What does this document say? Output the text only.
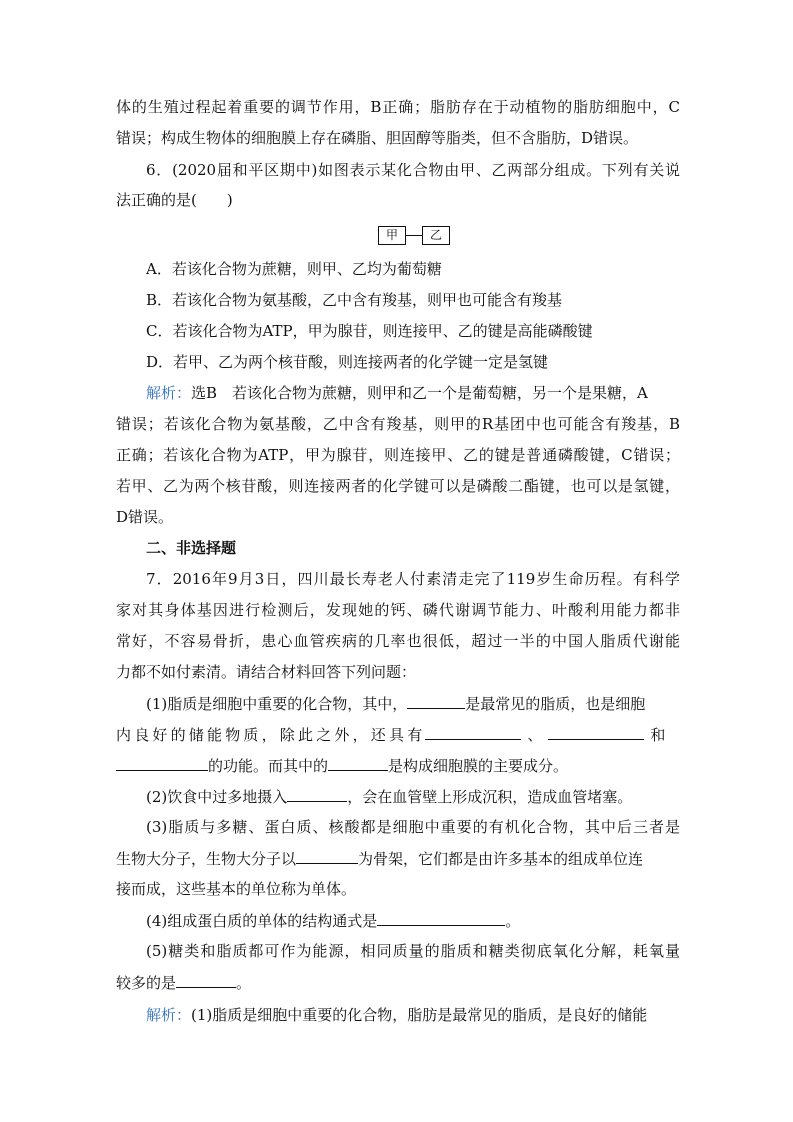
体的生殖过程起着重要的调节作用，B正确；脂肪存在于动植物的脂肪细胞中，C
错误；构成生物体的细胞膜上存在磷脂、胆固醇等脂类，但不含脂肪，D错误。
6．(2020届和平区期中)如图表示某化合物由甲、乙两部分组成。下列有关说
法正确的是(　　)
甲	乙
A．若该化合物为蔗糖，则甲、乙均为葡萄糖
B．若该化合物为氨基酸，乙中含有羧基，则甲也可能含有羧基
C．若该化合物为ATP，甲为腺苷，则连接甲、乙的键是高能磷酸键
D．若甲、乙为两个核苷酸，则连接两者的化学键一定是氢键
解析：选B　若该化合物为蔗糖，则甲和乙一个是葡萄糖，另一个是果糖，A
错误；若该化合物为氨基酸，乙中含有羧基，则甲的R基团中也可能含有羧基，B
正确；若该化合物为ATP，甲为腺苷，则连接甲、乙的键是普通磷酸键，C错误；
若甲、乙为两个核苷酸，则连接两者的化学键可以是磷酸二酯键，也可以是氢键，
D错误。
二、非选择题
7．2016年9月3日，四川最长寿老人付素清走完了119岁生命历程。有科学
家对其身体基因进行检测后，发现她的钙、磷代谢调节能力、叶酸利用能力都非
常好，不容易骨折，患心血管疾病的几率也很低，超过一半的中国人脂质代谢能
力都不如付素清。请结合材料回答下列问题：
(1)脂质是细胞中重要的化合物，其中，	是最常见的脂质，也是细胞
内良好的储能物质，除此之外，还具有	、	和
的功能。而其中的	是构成细胞膜的主要成分。
(2)饮食中过多地摄入	，会在血管壁上形成沉积，造成血管堵塞。
(3)脂质与多糖、蛋白质、核酸都是细胞中重要的有机化合物，其中后三者是
生物大分子，生物大分子以	为骨架，它们都是由许多基本的组成单位连
接而成，这些基本的单位称为单体。
(4)组成蛋白质的单体的结构通式是	。
(5)糖类和脂质都可作为能源，相同质量的脂质和糖类彻底氧化分解，耗氧量
较多的是	。
解析：(1)脂质是细胞中重要的化合物，脂肪是最常见的脂质，是良好的储能
